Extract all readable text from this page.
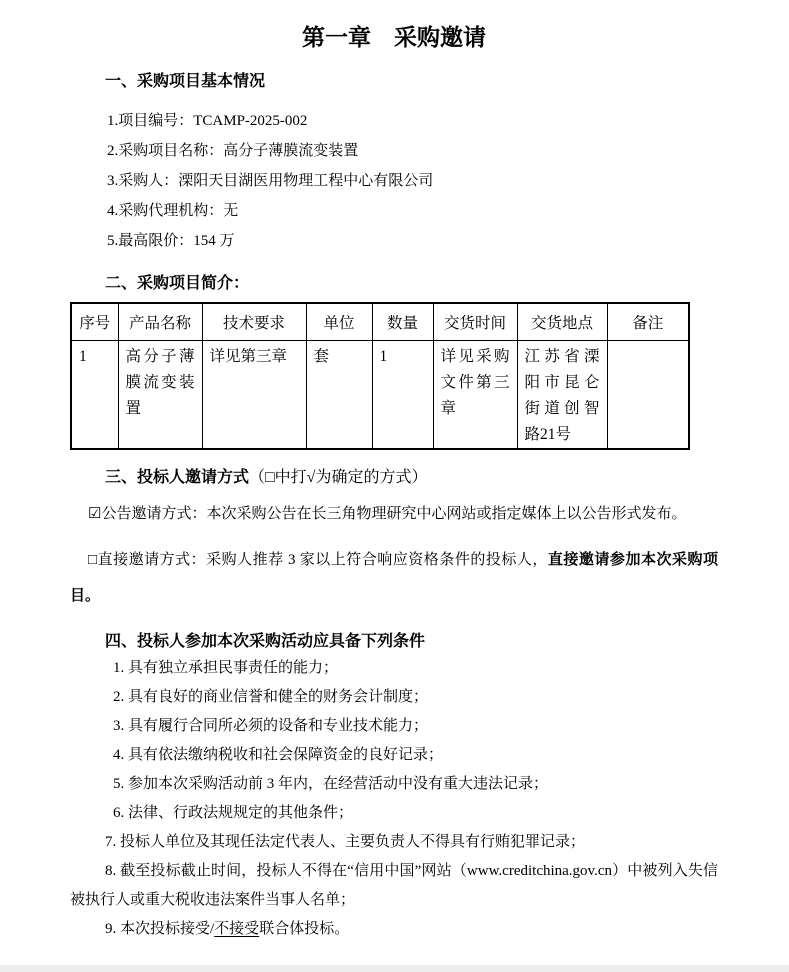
第一章　采购邀请

一、采购项目基本情况

1.项目编号：TCAMP-2025-002

2.采购项目名称：高分子薄膜流变装置

3.采购人：溧阳天目湖医用物理工程中心有限公司

4.采购代理机构：无

5.最高限价：154 万

二、采购项目简介：

序号	产品名称	技术要求	单位	数量	交货时间	交货地点	备注
1	高分子薄膜流变装置	详见第三章	套	1	详见采购文件第三章	江苏省溧阳市昆仑街道创智路21号	

三、投标人邀请方式（□中打√为确定的方式）

☑公告邀请方式：本次采购公告在长三角物理研究中心网站或指定媒体上以公告形式发布。

□直接邀请方式：采购人推荐 3 家以上符合响应资格条件的投标人，直接邀请参加本次采购项目。

四、投标人参加本次采购活动应具备下列条件

1. 具有独立承担民事责任的能力；

2. 具有良好的商业信誉和健全的财务会计制度；

3. 具有履行合同所必须的设备和专业技术能力；

4. 具有依法缴纳税收和社会保障资金的良好记录；

5. 参加本次采购活动前 3 年内，在经营活动中没有重大违法记录；

6. 法律、行政法规规定的其他条件；

7. 投标人单位及其现任法定代表人、主要负责人不得具有行贿犯罪记录；

8. 截至投标截止时间，投标人不得在“信用中国”网站（www.creditchina.gov.cn）中被列入失信被执行人或重大税收违法案件当事人名单；

9. 本次投标接受/不接受联合体投标。
